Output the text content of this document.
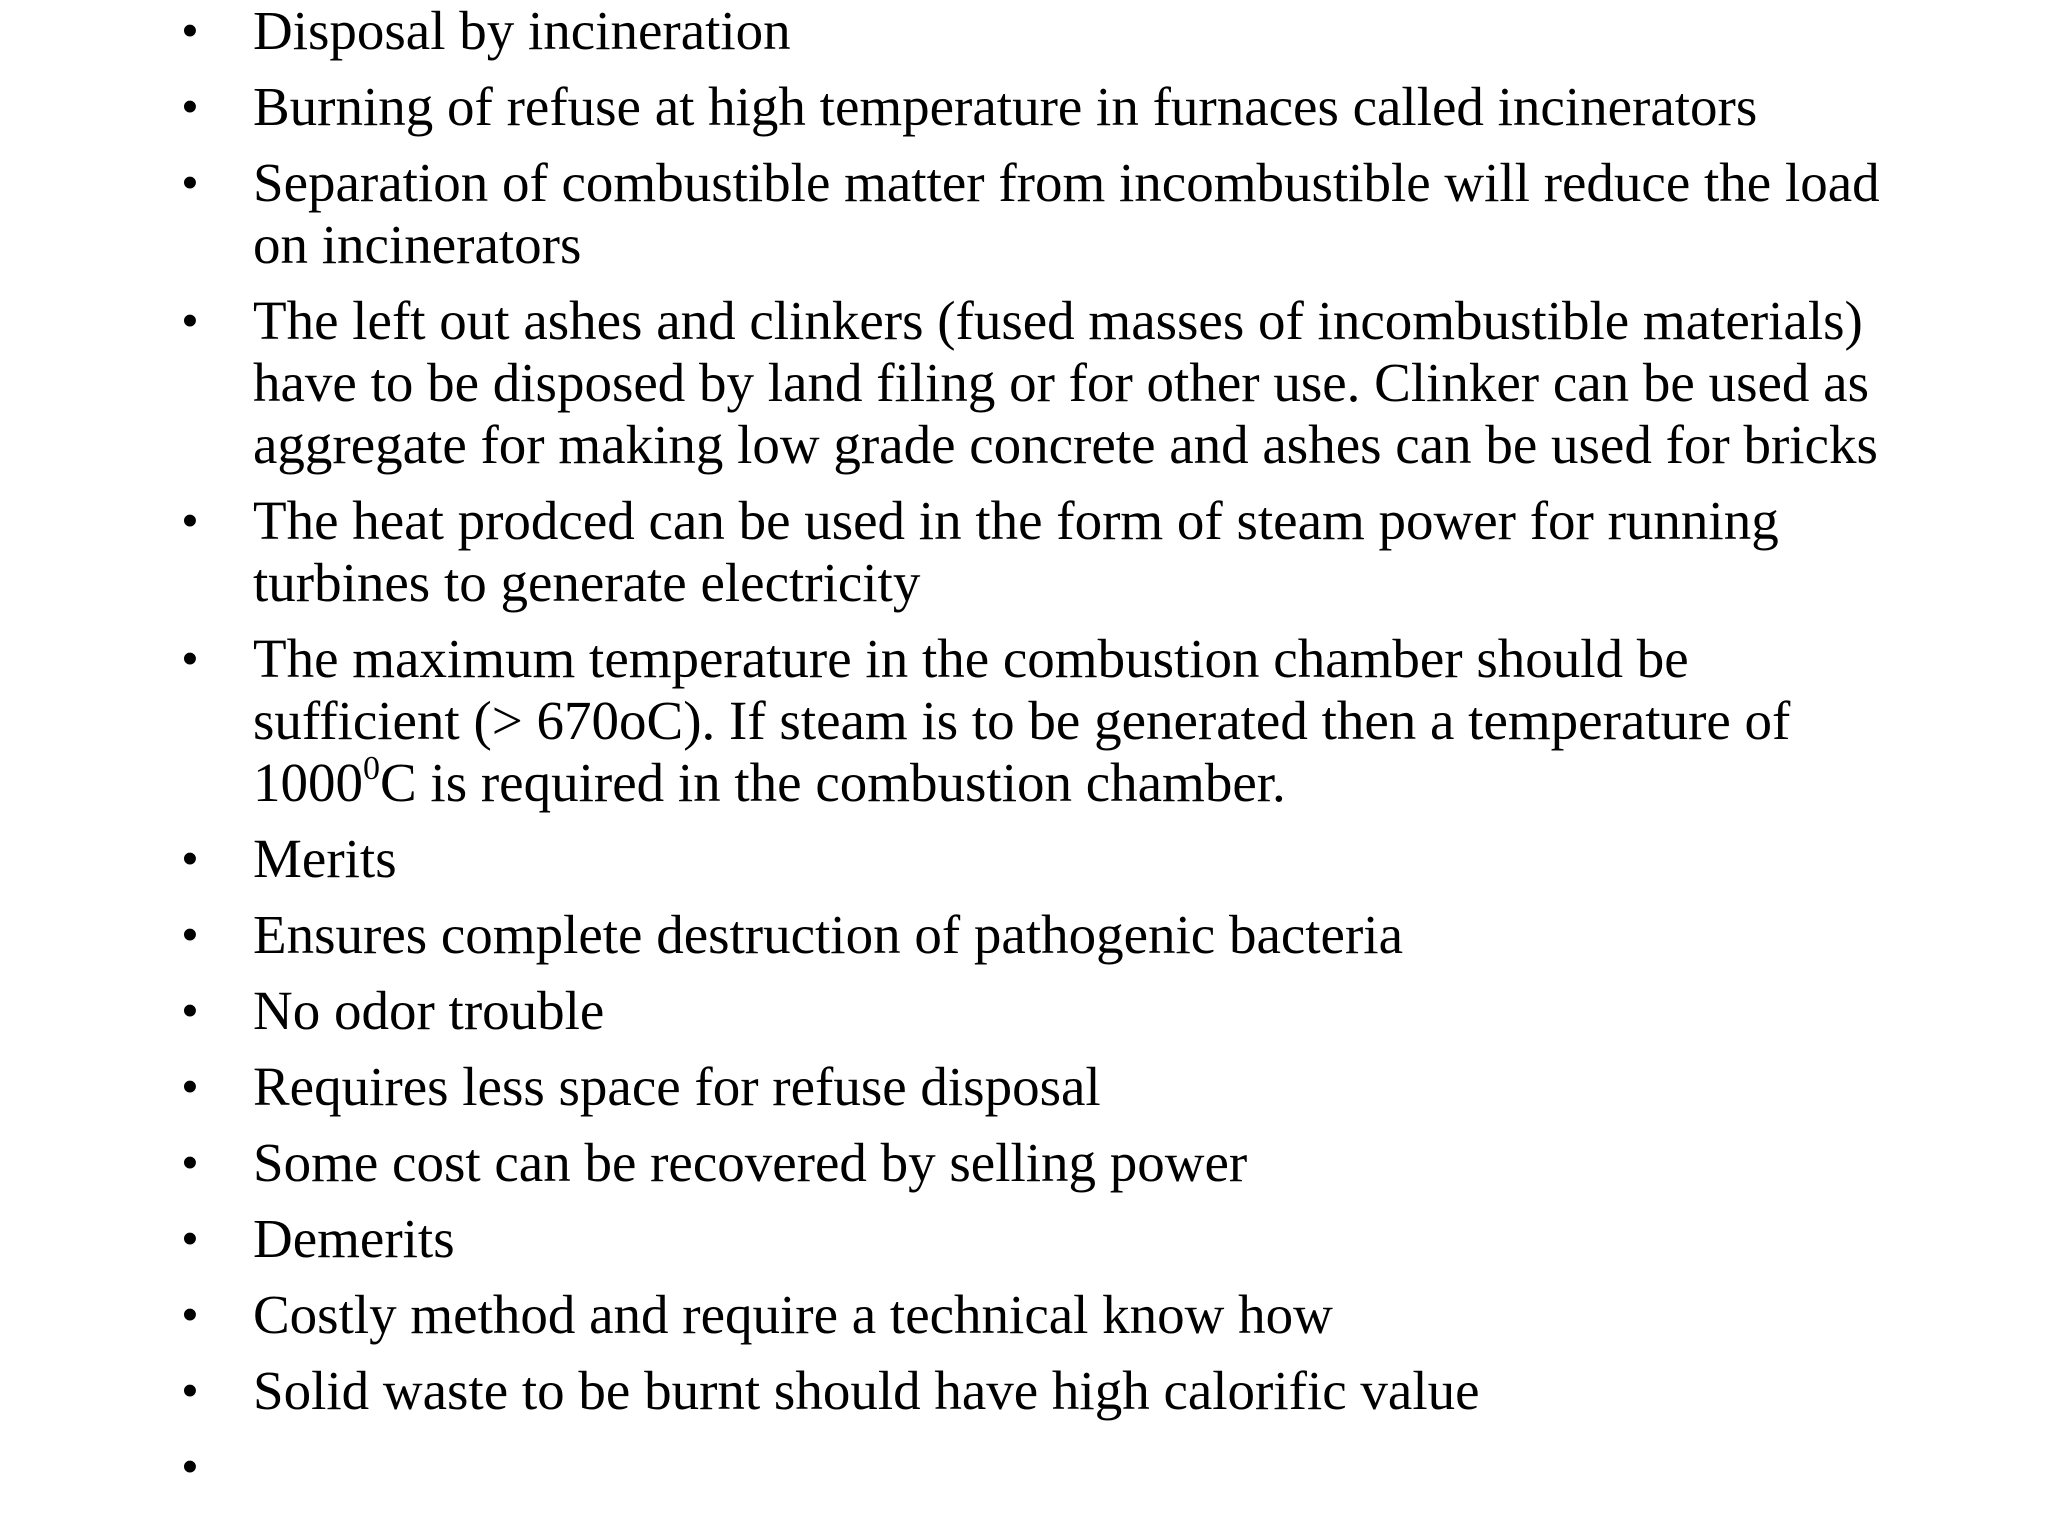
• Disposal by incineration
• Burning of refuse at high temperature in furnaces called incinerators
• Separation of combustible matter from incombustible will reduce the load on incinerators
• The left out ashes and clinkers (fused masses of incombustible materials) have to be disposed by land filing or for other use. Clinker can be used as aggregate for making low grade concrete and ashes can be used for bricks
• The heat prodced can be used in the form of steam power for running turbines to generate electricity
• The maximum temperature in the combustion chamber should be sufficient (> 670oC). If steam is to be generated then a temperature of 1000$^0$C is required in the combustion chamber.
• Merits
• Ensures complete destruction of pathogenic bacteria
• No odor trouble
• Requires less space for refuse disposal
• Some cost can be recovered by selling power
• Demerits
• Costly method and require a technical know how
• Solid waste to be burnt should have high calorific value
•
